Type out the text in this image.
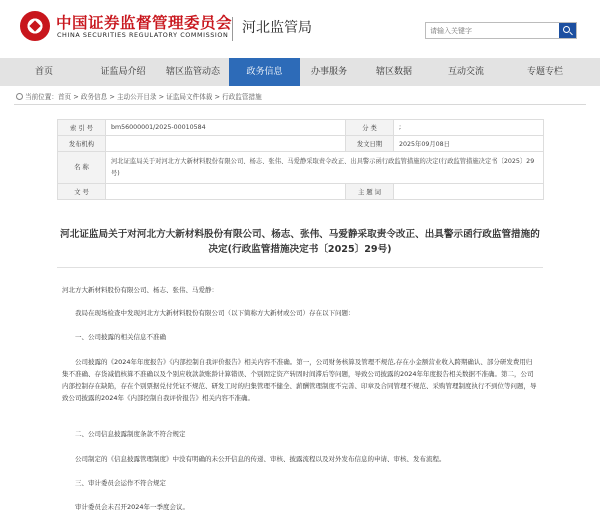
中国证券监督管理委员会
CHINA SECURITIES REGULATORY COMMISSION 河北监管局
请输入关键字
首页	证监局介绍	辖区监管动态	政务信息	办事服务	辖区数据	互动交流	专题专栏
当前位置：首页 > 政务信息 > 主动公开目录 > 证监局文件体裁 > 行政监管措施
索 引 号	bm56000001/2025-00010584	分 类	;
发布机构		发文日期	2025年09月08日
名 称	河北证监局关于对河北方大新材料股份有限公司、杨志、张伟、马爱静采取责令改正、出具警示函行政监管措施的决定(行政监管措施决定书〔2025〕29号)		
文 号		主 题 词	
河北证监局关于对河北方大新材料股份有限公司、杨志、张伟、马爱静采取责令改正、出具警示函行政监管措施的决定(行政监管措施决定书〔2025〕29号)
河北方大新材料股份有限公司、杨志、张伟、马爱静：
我局在现场检查中发现河北方大新材料股份有限公司（以下简称方大新材或公司）存在以下问题：
一、公司披露的相关信息不准确
公司披露的《2024年年度报告》《内部控制自我评价报告》相关内容不准确。第一，公司财务核算及管理不规范,存在小金额营业收入跨期确认、部分研发费用归集不准确、存货减值核算不准确以及个别应收款款账龄计算错误、个别固定资产转固时间滞后等问题，导致公司披露的2024年年度报告相关数据不准确。第二，公司内部控制存在缺陷，存在个别票据兑付凭证不规范、研发工时的归集管理不健全、薪酬管理制度不完善、印章及合同管理不规范、采购管理制度执行不到位等问题，导致公司披露的2024年《内部控制自我评价报告》相关内容不准确。
二、公司信息披露制度条款不符合规定
公司制定的《信息披露管理制度》中没有明确的未公开信息的传递、审核、披露流程以及对外发布信息的申请、审核、发布流程。
三、审计委员会运作不符合规定
审计委员会未召开2024年一季度会议。
